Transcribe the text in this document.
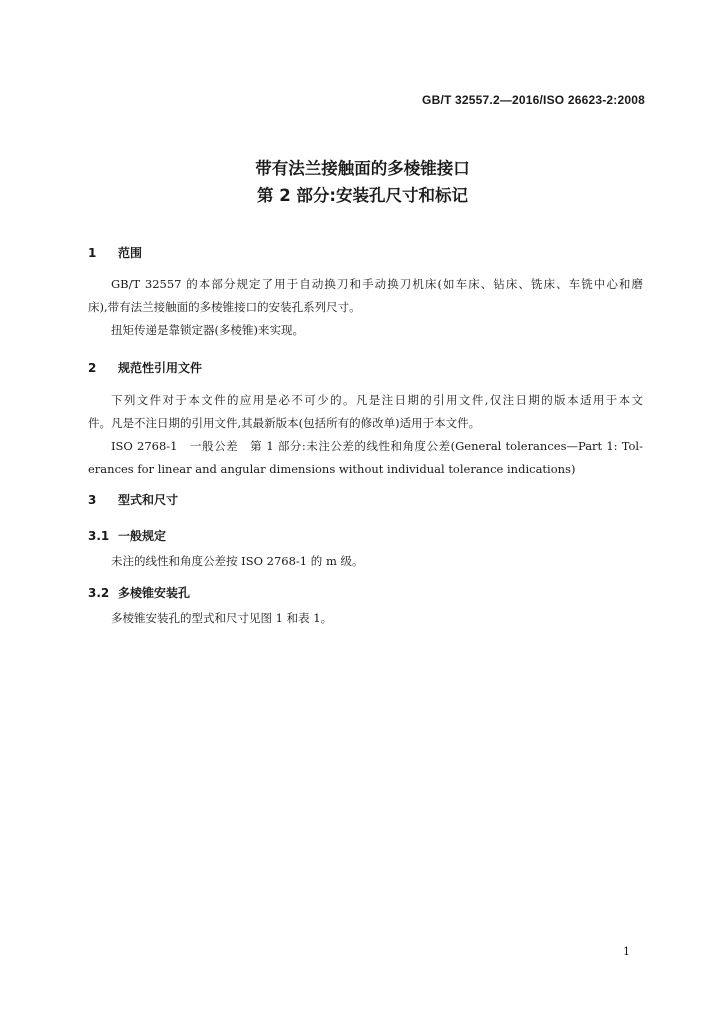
GB/T 32557.2—2016/ISO 26623-2:2008
带有法兰接触面的多棱锥接口
第 2 部分:安装孔尺寸和标记
1 范围
GB/T 32557 的本部分规定了用于自动换刀和手动换刀机床(如车床、钻床、铣床、车铣中心和磨
床),带有法兰接触面的多棱锥接口的安装孔系列尺寸。
扭矩传递是靠锁定器(多棱锥)来实现。
2 规范性引用文件
下列文件对于本文件的应用是必不可少的。凡是注日期的引用文件,仅注日期的版本适用于本文
件。凡是不注日期的引用文件,其最新版本(包括所有的修改单)适用于本文件。
ISO 2768-1　一般公差　第 1 部分:未注公差的线性和角度公差(General tolerances—Part 1: Tol-
erances for linear and angular dimensions without individual tolerance indications)
3 型式和尺寸
3.1 一般规定
未注的线性和角度公差按 ISO 2768-1 的 m 级。
3.2 多棱锥安装孔
多棱锥安装孔的型式和尺寸见图 1 和表 1。
1
